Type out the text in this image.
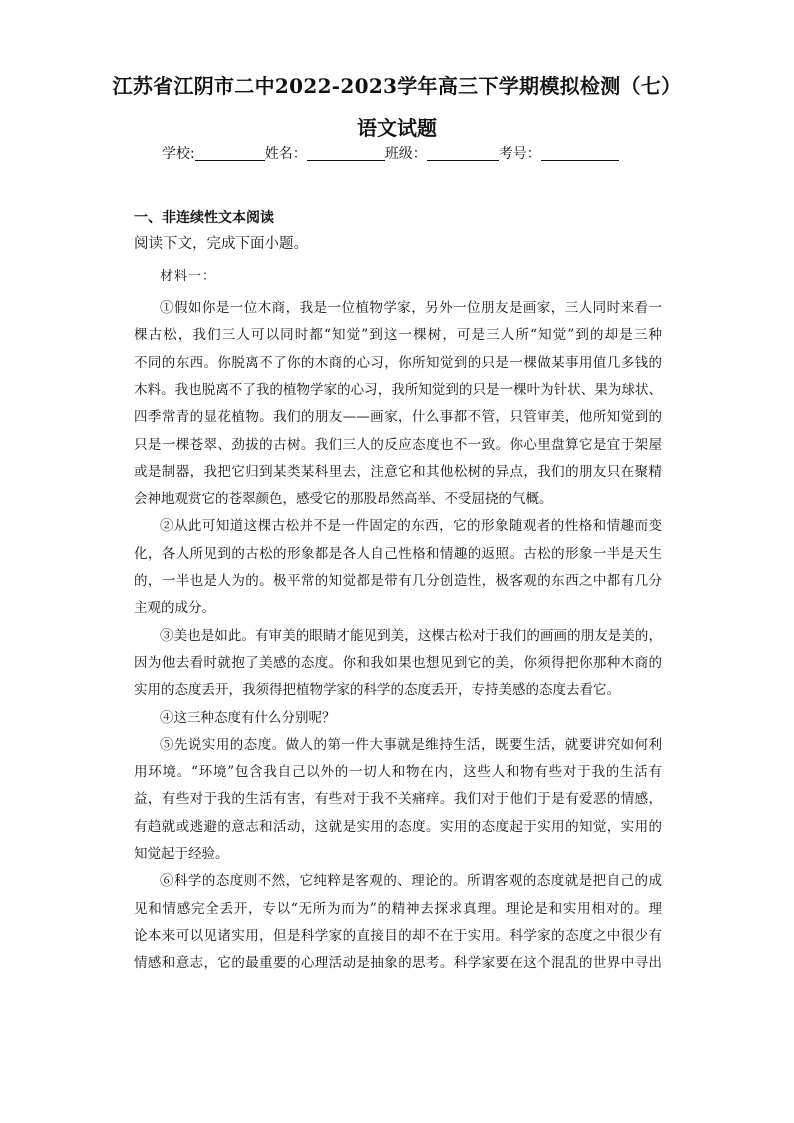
江苏省江阴市二中2022-2023学年高三下学期模拟检测（七）
语文试题
学校:	姓名：	班级：	考号：
一、非连续性文本阅读
阅读下文，完成下面小题。
材料一：
①假如你是一位木商，我是一位植物学家，另外一位朋友是画家，三人同时来看一
棵古松，我们三人可以同时都“知觉”到这一棵树，可是三人所“知觉”到的却是三种
不同的东西。你脱离不了你的木商的心习，你所知觉到的只是一棵做某事用值几多钱的
木料。我也脱离不了我的植物学家的心习，我所知觉到的只是一棵叶为针状、果为球状、
四季常青的显花植物。我们的朋友——画家，什么事都不管，只管审美，他所知觉到的
只是一棵苍翠、劲拔的古树。我们三人的反应态度也不一致。你心里盘算它是宜于架屋
或是制器，我把它归到某类某科里去，注意它和其他松树的异点，我们的朋友只在聚精
会神地观赏它的苍翠颜色，感受它的那股昂然高举、不受屈挠的气概。
②从此可知道这棵古松并不是一件固定的东西，它的形象随观者的性格和情趣而变
化，各人所见到的古松的形象都是各人自己性格和情趣的返照。古松的形象一半是天生
的，一半也是人为的。极平常的知觉都是带有几分创造性，极客观的东西之中都有几分
主观的成分。
③美也是如此。有审美的眼睛才能见到美，这棵古松对于我们的画画的朋友是美的，
因为他去看时就抱了美感的态度。你和我如果也想见到它的美，你须得把你那种木商的
实用的态度丢开，我须得把植物学家的科学的态度丢开，专持美感的态度去看它。
④这三种态度有什么分别呢？
⑤先说实用的态度。做人的第一件大事就是维持生活，既要生活，就要讲究如何利
用环境。“环境”包含我自己以外的一切人和物在内，这些人和物有些对于我的生活有
益，有些对于我的生活有害，有些对于我不关痛痒。我们对于他们于是有爱恶的情感，
有趋就或逃避的意志和活动，这就是实用的态度。实用的态度起于实用的知觉，实用的
知觉起于经验。
⑥科学的态度则不然，它纯粹是客观的、理论的。所谓客观的态度就是把自己的成
见和情感完全丢开，专以“无所为而为”的精神去探求真理。理论是和实用相对的。理
论本来可以见诸实用，但是科学家的直接目的却不在于实用。科学家的态度之中很少有
情感和意志，它的最重要的心理活动是抽象的思考。科学家要在这个混乱的世界中寻出
